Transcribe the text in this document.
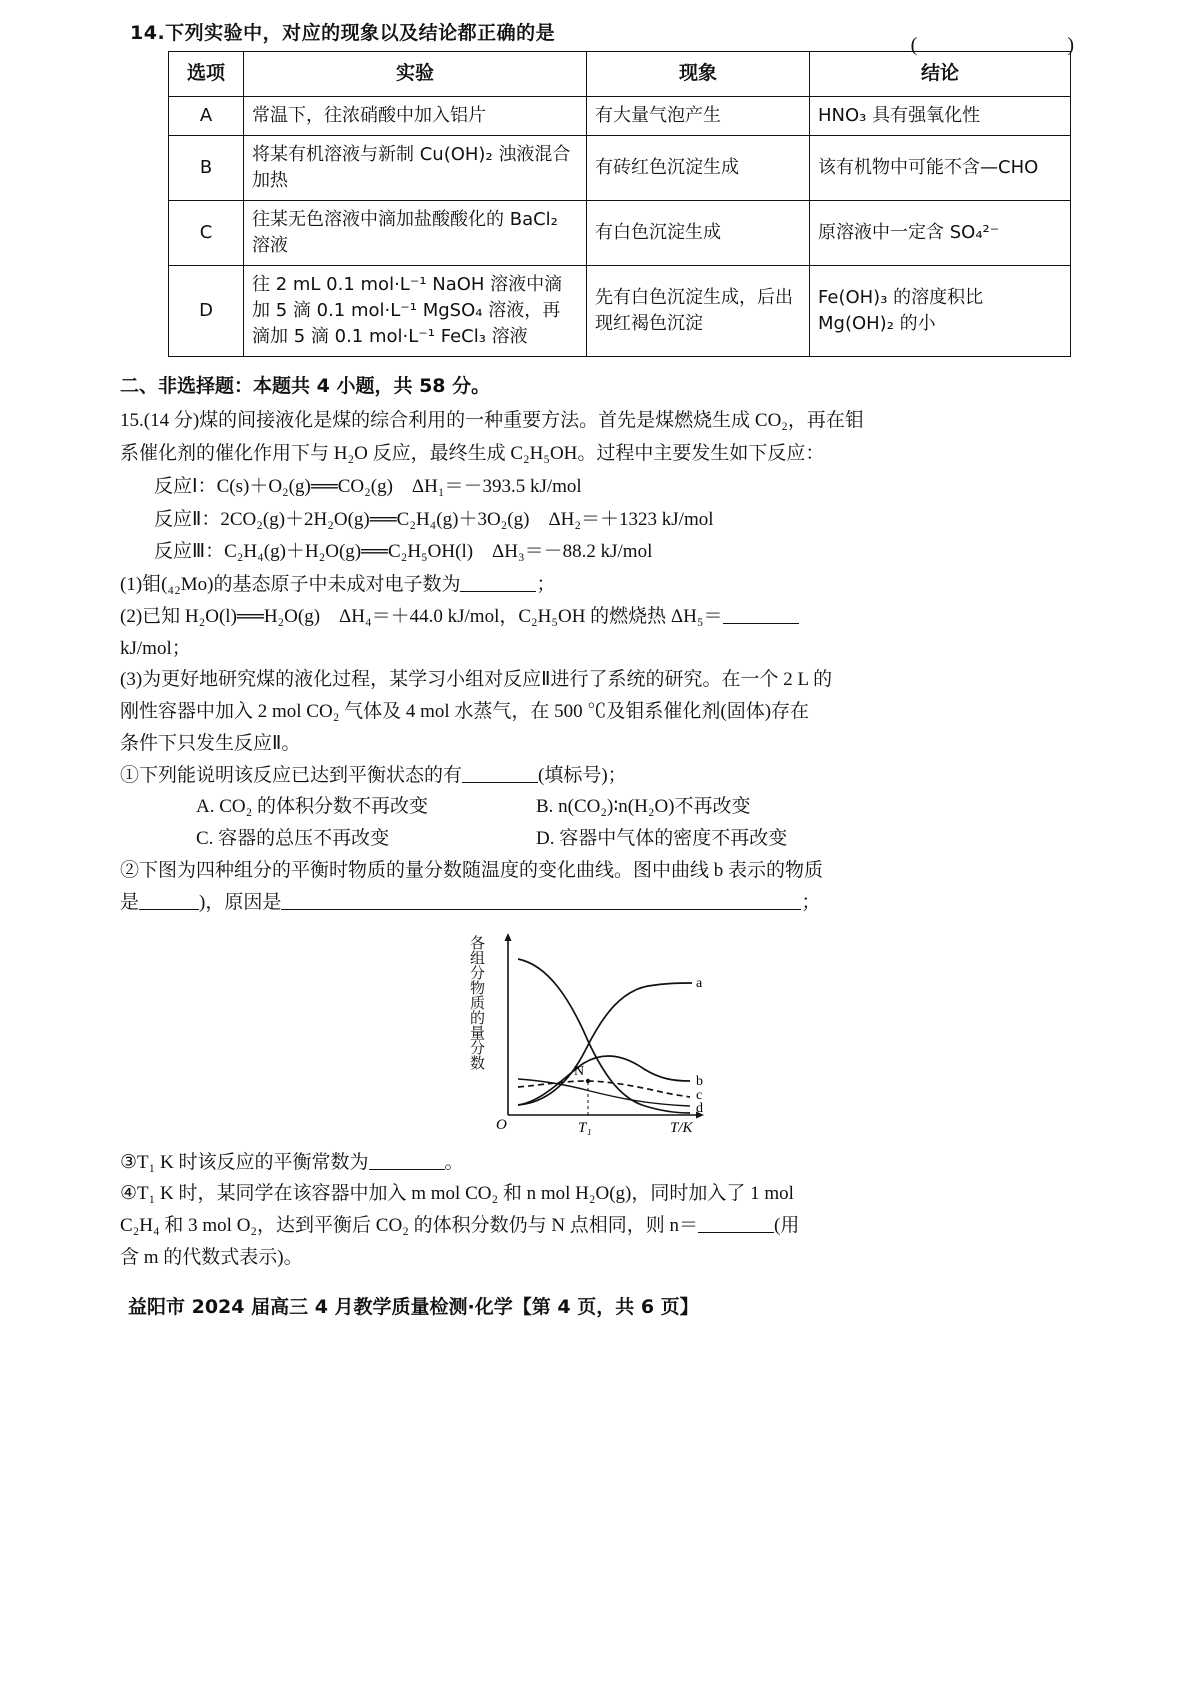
(    )
14.下列实验中，对应的现象以及结论都正确的是
选项	实验	现象	结论
A	常温下，往浓硝酸中加入铝片	有大量气泡产生	HNO₃ 具有强氧化性
B	将某有机溶液与新制 Cu(OH)₂ 浊液混合加热	有砖红色沉淀生成	该有机物中可能不含—CHO
C	往某无色溶液中滴加盐酸酸化的 BaCl₂ 溶液	有白色沉淀生成	原溶液中一定含 SO₄²⁻
D	往 2 mL 0.1 mol·L⁻¹ NaOH 溶液中滴加 5 滴 0.1 mol·L⁻¹ MgSO₄ 溶液，再滴加 5 滴 0.1 mol·L⁻¹ FeCl₃ 溶液	先有白色沉淀生成，后出现红褐色沉淀	Fe(OH)₃ 的溶度积比 Mg(OH)₂ 的小
二、非选择题：本题共 4 小题，共 58 分。
15.(14 分)煤的间接液化是煤的综合利用的一种重要方法。首先是煤燃烧生成 CO₂，再在钼
系催化剂的催化作用下与 H₂O 反应，最终生成 C₂H₅OH。过程中主要发生如下反应：
反应Ⅰ：C(s)＋O₂(g)══CO₂(g)　ΔH₁＝－393.5 kJ/mol
反应Ⅱ：2CO₂(g)＋2H₂O(g)══C₂H₄(g)＋3O₂(g)　ΔH₂＝＋1323 kJ/mol
反应Ⅲ：C₂H₄(g)＋H₂O(g)══C₂H₅OH(l)　ΔH₃＝－88.2 kJ/mol
(1)钼(₄₂Mo)的基态原子中未成对电子数为	；
(2)已知 H₂O(l)══H₂O(g)　ΔH₄＝＋44.0 kJ/mol，C₂H₅OH 的燃烧热 ΔH₅＝
kJ/mol；
(3)为更好地研究煤的液化过程，某学习小组对反应Ⅱ进行了系统的研究。在一个 2 L 的
刚性容器中加入 2 mol CO₂ 气体及 4 mol 水蒸气，在 500 ℃及钼系催化剂(固体)存在
条件下只发生反应Ⅱ。
①下列能说明该反应已达到平衡状态的有	(填标号)；
A. CO₂ 的体积分数不再改变	B. n(CO₂)∶n(H₂O)不再改变
C. 容器的总压不再改变	D. 容器中气体的密度不再改变
②下图为四种组分的平衡时物质的量分数随温度的变化曲线。图中曲线 b 表示的物质
是	)，原因是	；
各组分物质的量分数
N
a
b
c
d
O	T₁	T/K
③T₁ K 时该反应的平衡常数为	。
④T₁ K 时，某同学在该容器中加入 m mol CO₂ 和 n mol H₂O(g)，同时加入了 1 mol
C₂H₄ 和 3 mol O₂，达到平衡后 CO₂ 的体积分数仍与 N 点相同，则 n＝	(用
含 m 的代数式表示)。
益阳市 2024 届高三 4 月教学质量检测·化学【第 4 页，共 6 页】
